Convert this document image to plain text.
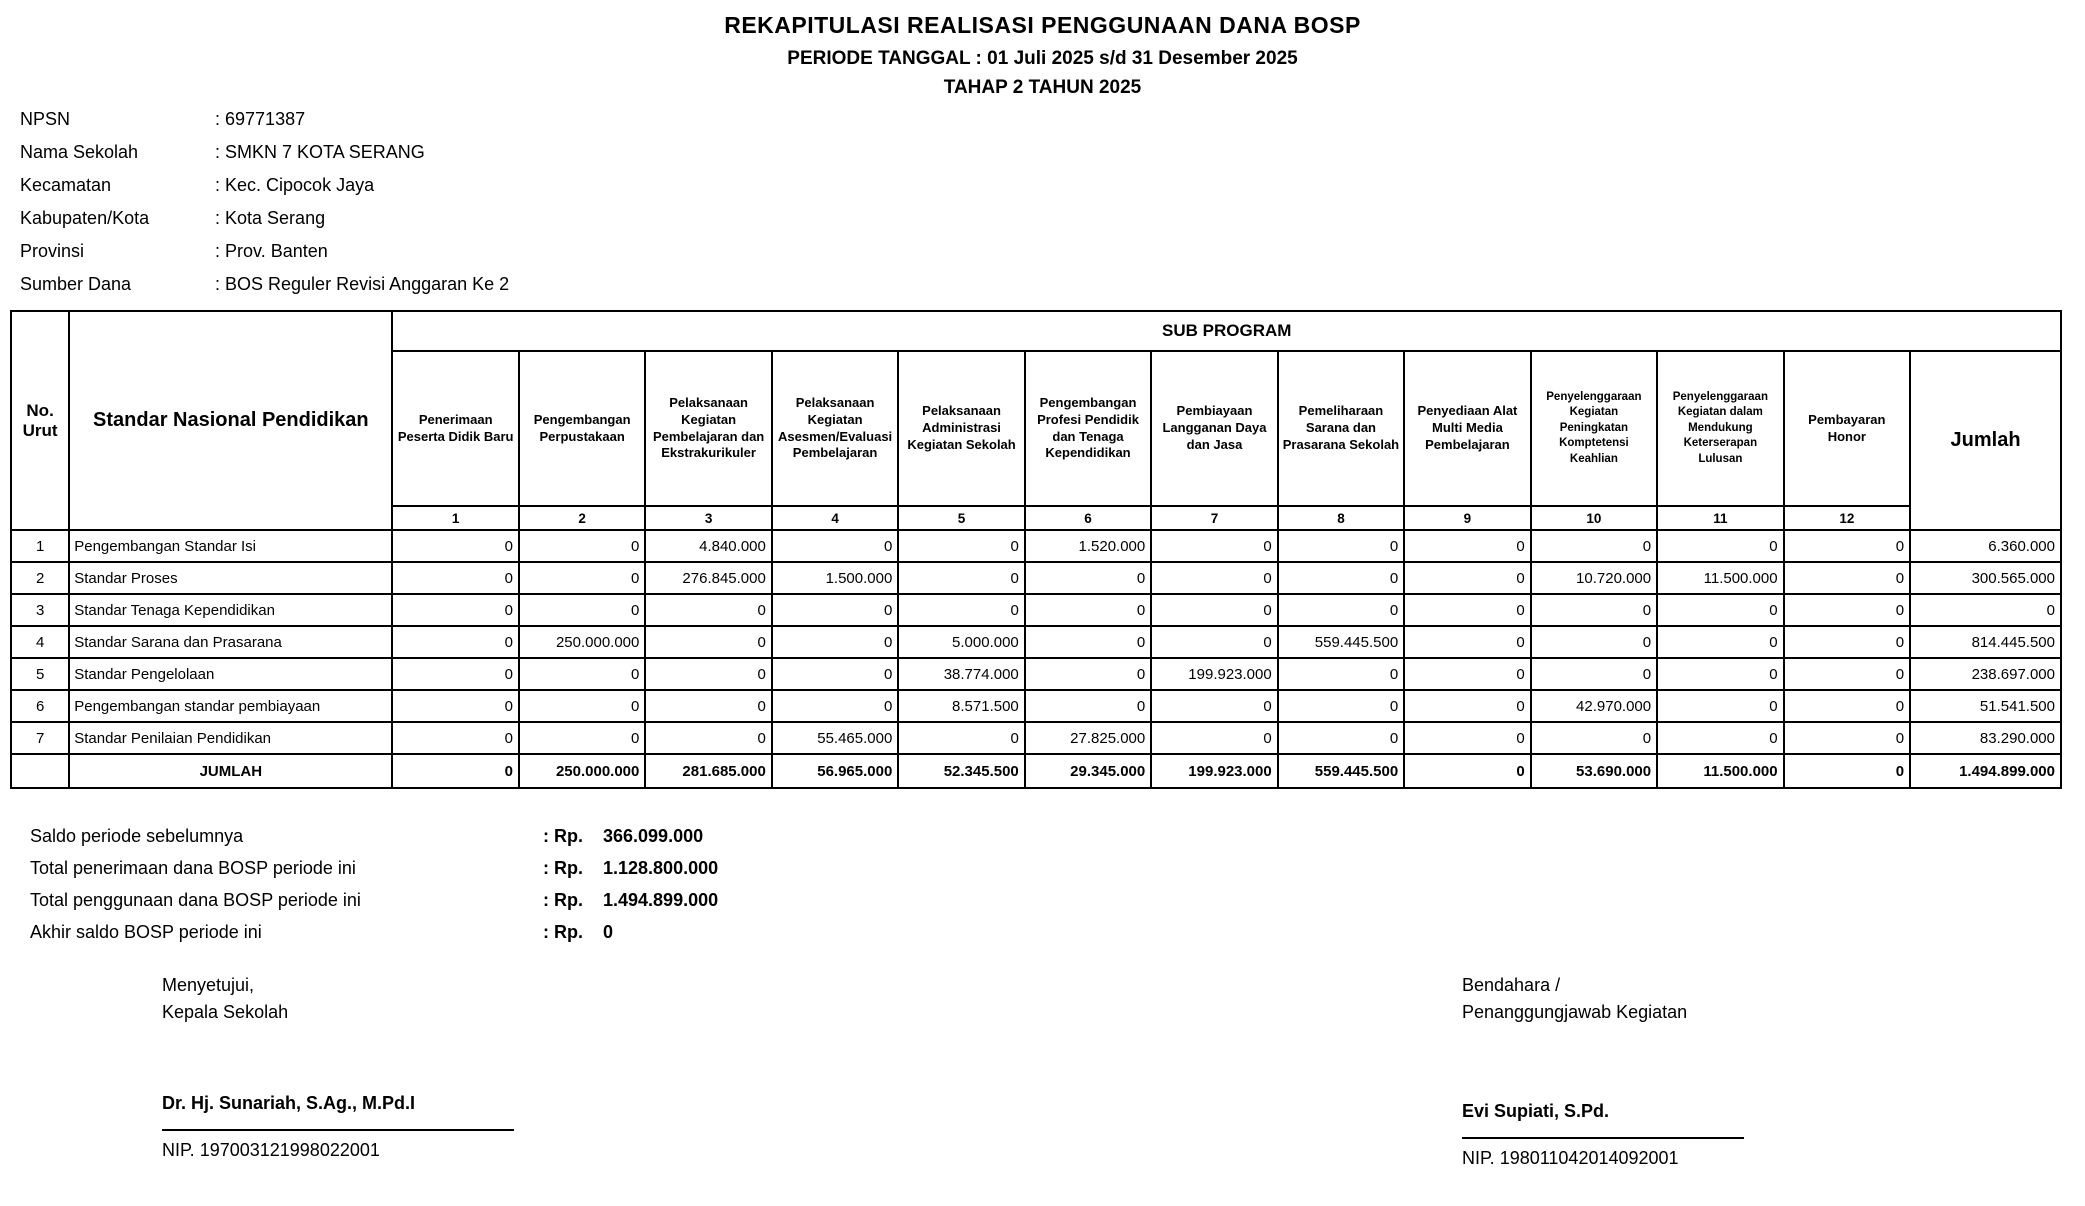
REKAPITULASI REALISASI PENGGUNAAN DANA BOSP
PERIODE TANGGAL : 01 Juli 2025 s/d 31 Desember 2025
TAHAP 2 TAHUN 2025
NPSN	: 69771387
Nama Sekolah	: SMKN 7 KOTA SERANG
Kecamatan	: Kec. Cipocok Jaya
Kabupaten/Kota	: Kota Serang
Provinsi	: Prov. Banten
Sumber Dana	: BOS Reguler Revisi Anggaran Ke 2
No. Urut	Standar Nasional Pendidikan	SUB PROGRAM												
		Penerimaan Peserta Didik Baru	Pengembangan Perpustakaan	Pelaksanaan Kegiatan Pembelajaran dan Ekstrakurikuler	Pelaksanaan Kegiatan Asesmen/Evaluasi Pembelajaran	Pelaksanaan Administrasi Kegiatan Sekolah	Pengembangan Profesi Pendidik dan Tenaga Kependidikan	Pembiayaan Langganan Daya dan Jasa	Pemeliharaan Sarana dan Prasarana Sekolah	Penyediaan Alat Multi Media Pembelajaran	Penyelenggaraan Kegiatan Peningkatan Komptetensi Keahlian	Penyelenggaraan Kegiatan dalam Mendukung Keterserapan Lulusan	Pembayaran Honor	Jumlah
		1	2	3	4	5	6	7	8	9	10	11	12	
1	Pengembangan Standar Isi	0	0	4.840.000	0	0	1.520.000	0	0	0	0	0	0	6.360.000
2	Standar Proses	0	0	276.845.000	1.500.000	0	0	0	0	0	10.720.000	11.500.000	0	300.565.000
3	Standar Tenaga Kependidikan	0	0	0	0	0	0	0	0	0	0	0	0	0
4	Standar Sarana dan Prasarana	0	250.000.000	0	0	5.000.000	0	0	559.445.500	0	0	0	0	814.445.500
5	Standar Pengelolaan	0	0	0	0	38.774.000	0	199.923.000	0	0	0	0	0	238.697.000
6	Pengembangan standar pembiayaan	0	0	0	0	8.571.500	0	0	0	0	42.970.000	0	0	51.541.500
7	Standar Penilaian Pendidikan	0	0	0	55.465.000	0	27.825.000	0	0	0	0	0	0	83.290.000
	JUMLAH	0	250.000.000	281.685.000	56.965.000	52.345.500	29.345.000	199.923.000	559.445.500	0	53.690.000	11.500.000	0	1.494.899.000
Saldo periode sebelumnya	: Rp. 366.099.000
Total penerimaan dana BOSP periode ini	: Rp. 1.128.800.000
Total penggunaan dana BOSP periode ini	: Rp. 1.494.899.000
Akhir saldo BOSP periode ini	: Rp. 0
Menyetujui,
Kepala Sekolah
Dr. Hj. Sunariah, S.Ag., M.Pd.I
NIP. 197003121998022001
Bendahara /
Penanggungjawab Kegiatan
Evi Supiati, S.Pd.
NIP. 198011042014092001
